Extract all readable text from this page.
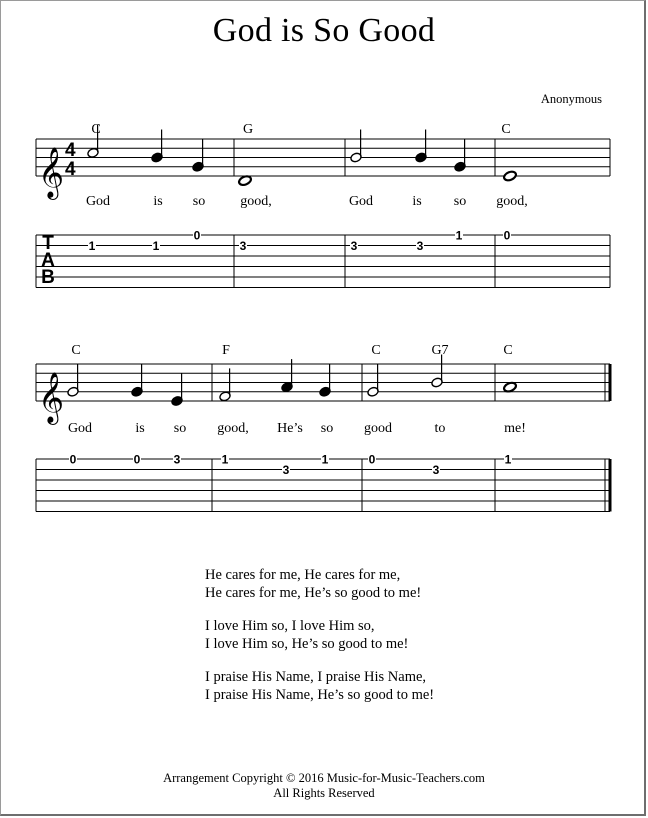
God is So Good
Anonymous
𝄞 4
4
C	G	C
God	is so	good,	God	is so good,
T
A
B
1	1
0
3	3	3
1	0
𝄞
C	F	C	G7	C
God	is so good, He’s so good	to	me!
0	0	3	1
3
1	0
3
1
He cares for me, He cares for me,
He cares for me, He’s so good to me!
I love Him so, I love Him so,
I love Him so, He’s so good to me!
I praise His Name, I praise His Name,
I praise His Name, He’s so good to me!
Arrangement Copyright © 2016 Music-for-Music-Teachers.com
All Rights Reserved
